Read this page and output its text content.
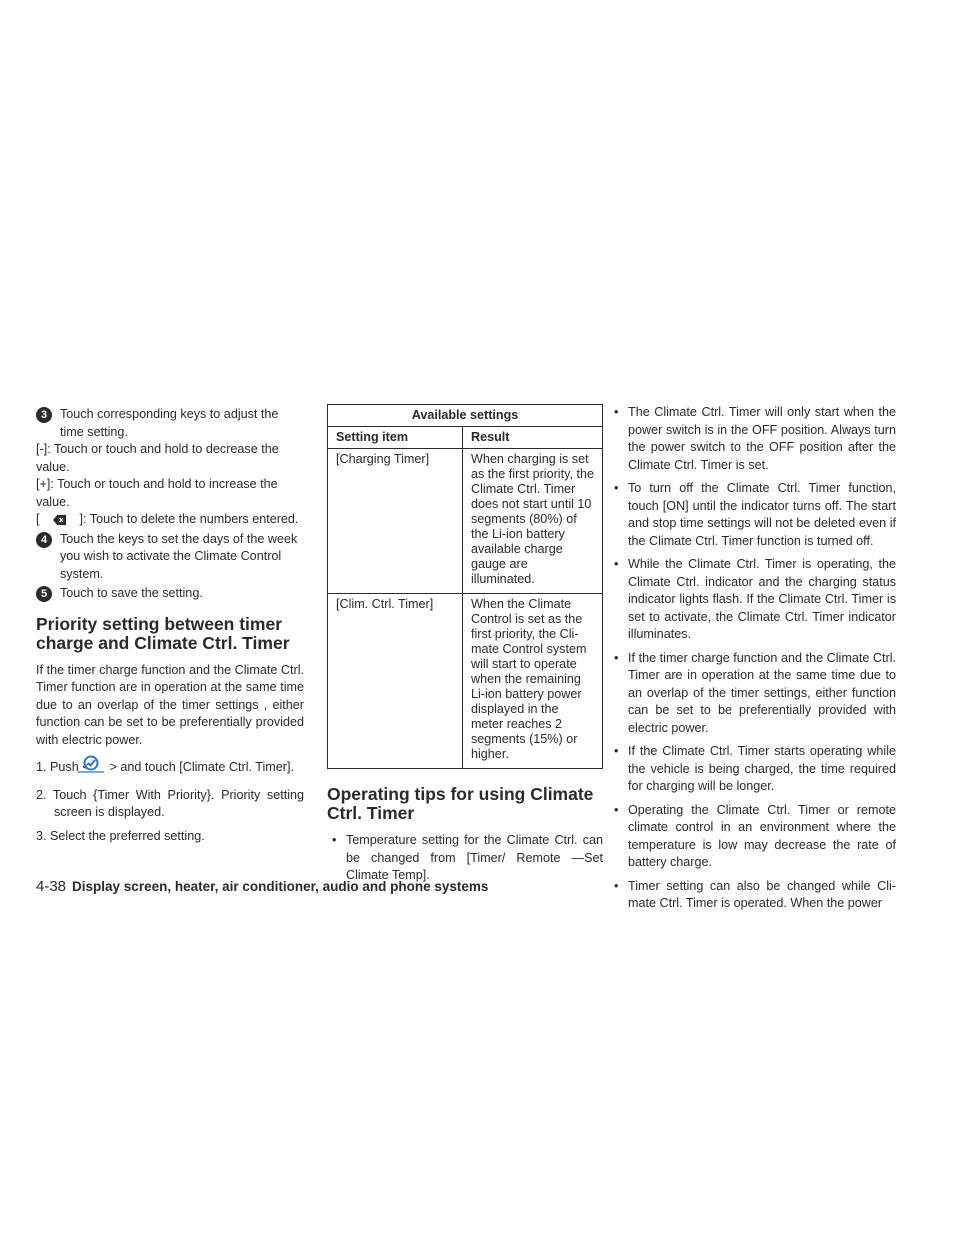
3	Touch corresponding keys to adjust the time setting.

[-]: Touch or touch and hold to decrease the value.

[+]: Touch or touch and hold to increase the value.

[	]: Touch to delete the numbers entered.

4	Touch the keys to set the days of the week you wish to activate the Climate Control system.
5	Touch to save the setting.
Priority setting between timer charge and Climate Ctrl. Timer

If the timer charge function and the Climate Ctrl. Timer function are in operation at the same time due to an overlap of the timer settings , either function can be set to be preferentially provided with electric power.

1. Push < > and touch [Climate Ctrl. Timer].
2. Touch {Timer With Priority}. Priority setting screen is displayed.
3. Select the preferred setting.
Available settings	
Setting item	Result
[Charging Timer]	When charging is set as the first priority, the Climate Ctrl. Timer does not start until 10 segments (80%) of the Li-ion battery available charge gauge are illuminated.
[Clim. Ctrl. Timer]	When the Climate Control is set as the first priority, the Cli-mate Control system will start to operate when the remaining Li-ion battery power displayed in the meter reaches 2 segments (15%) or higher.
Operating tips for using Climate Ctrl. Timer
• Temperature setting for the Climate Ctrl. can be changed from [Timer/ Remote —Set Climate Temp].
• The Climate Ctrl. Timer will only start when the power switch is in the OFF position. Always turn the power switch to the OFF position after the Climate Ctrl. Timer is set.
• To turn off the Climate Ctrl. Timer function, touch [ON] until the indicator turns off. The start and stop time settings will not be deleted even if the Climate Ctrl. Timer function is turned off.
• While the Climate Ctrl. Timer is operating, the Climate Ctrl. indicator and the charging status indicator lights flash. If the Climate Ctrl. Timer is set to activate, the Climate Ctrl. Timer indicator illuminates.
• If the timer charge function and the Climate Ctrl. Timer are in operation at the same time due to an overlap of the timer settings, either function can be set to be preferentially provided with electric power.
• If the Climate Ctrl. Timer starts operating while the vehicle is being charged, the time required for charging will be longer.
• Operating the Climate Ctrl. Timer or remote climate control in an environment where the temperature is low may decrease the rate of battery charge.
• Timer setting can also be changed while Cli-mate Ctrl. Timer is operated. When the power
4-38 Display screen, heater, air conditioner, audio and phone systems
